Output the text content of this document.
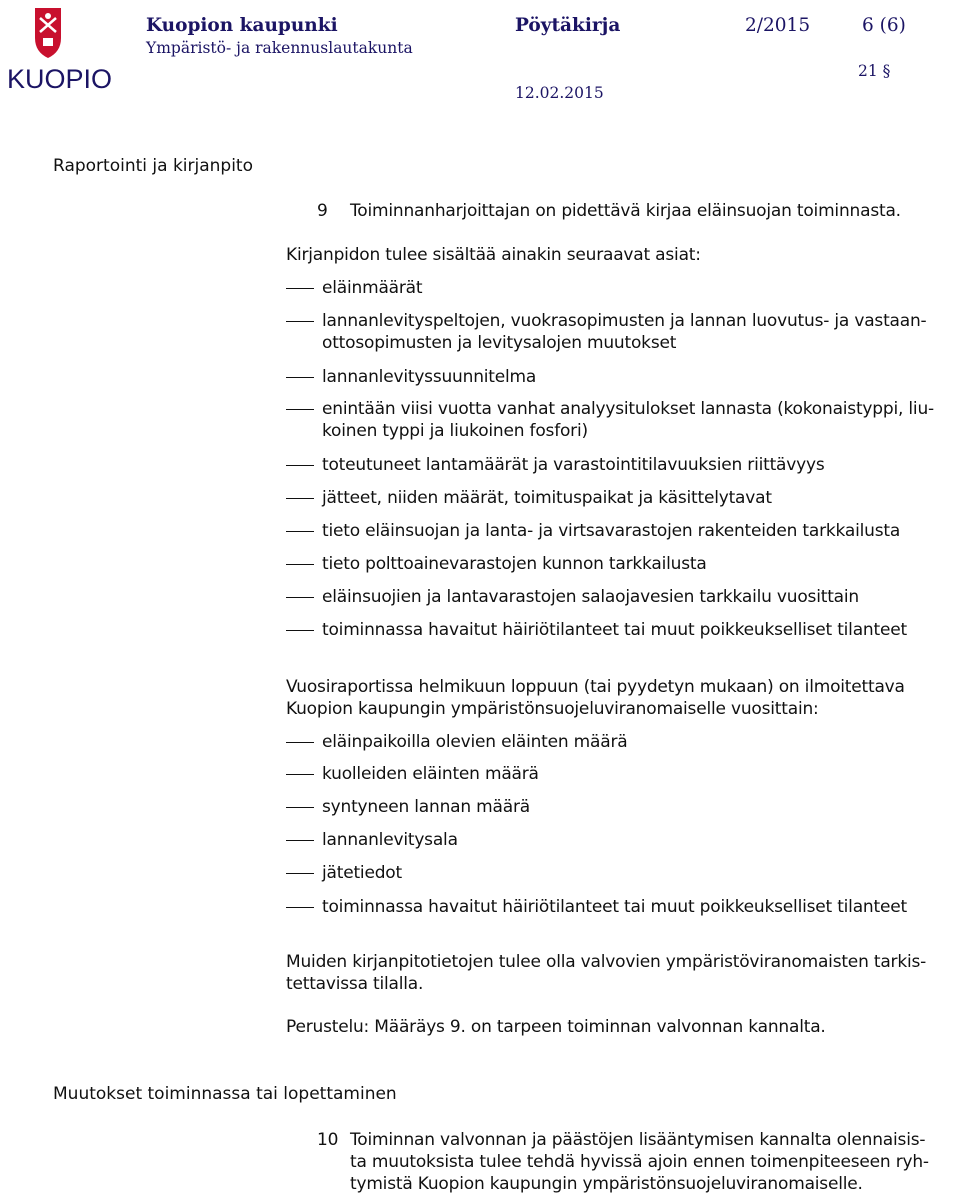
KUOPIO
Kuopion kaupunki
Ympäristö- ja rakennuslautakunta
Pöytäkirja	2/2015	6 (6)
21 §
12.02.2015
Raportointi ja kirjanpito
9 Toiminnanharjoittajan on pidettävä kirjaa eläinsuojan toiminnasta.
Kirjanpidon tulee sisältää ainakin seuraavat asiat:
eläinmäärät
lannanlevityspeltojen, vuokrasopimusten ja lannan luovutus- ja vastaan-
ottosopimusten ja levitysalojen muutokset
lannanlevityssuunnitelma
enintään viisi vuotta vanhat analyysitulokset lannasta (kokonaistyppi, liu-
koinen typpi ja liukoinen fosfori)
toteutuneet lantamäärät ja varastointitilavuuksien riittävyys
jätteet, niiden määrät, toimituspaikat ja käsittelytavat
tieto eläinsuojan ja lanta- ja virtsavarastojen rakenteiden tarkkailusta
tieto polttoainevarastojen kunnon tarkkailusta
eläinsuojien ja lantavarastojen salaojavesien tarkkailu vuosittain
toiminnassa havaitut häiriötilanteet tai muut poikkeukselliset tilanteet
Vuosiraportissa helmikuun loppuun (tai pyydetyn mukaan) on ilmoitettava
Kuopion kaupungin ympäristönsuojeluviranomaiselle vuosittain:
eläinpaikoilla olevien eläinten määrä
kuolleiden eläinten määrä
syntyneen lannan määrä
lannanlevitysala
jätetiedot
toiminnassa havaitut häiriötilanteet tai muut poikkeukselliset tilanteet
Muiden kirjanpitotietojen tulee olla valvovien ympäristöviranomaisten tarkis-
tettavissa tilalla.
Perustelu: Määräys 9. on tarpeen toiminnan valvonnan kannalta.
Muutokset toiminnassa tai lopettaminen
10 Toiminnan valvonnan ja päästöjen lisääntymisen kannalta olennaisis-
ta muutoksista tulee tehdä hyvissä ajoin ennen toimenpiteeseen ryh-
tymistä Kuopion kaupungin ympäristönsuojeluviranomaiselle.
